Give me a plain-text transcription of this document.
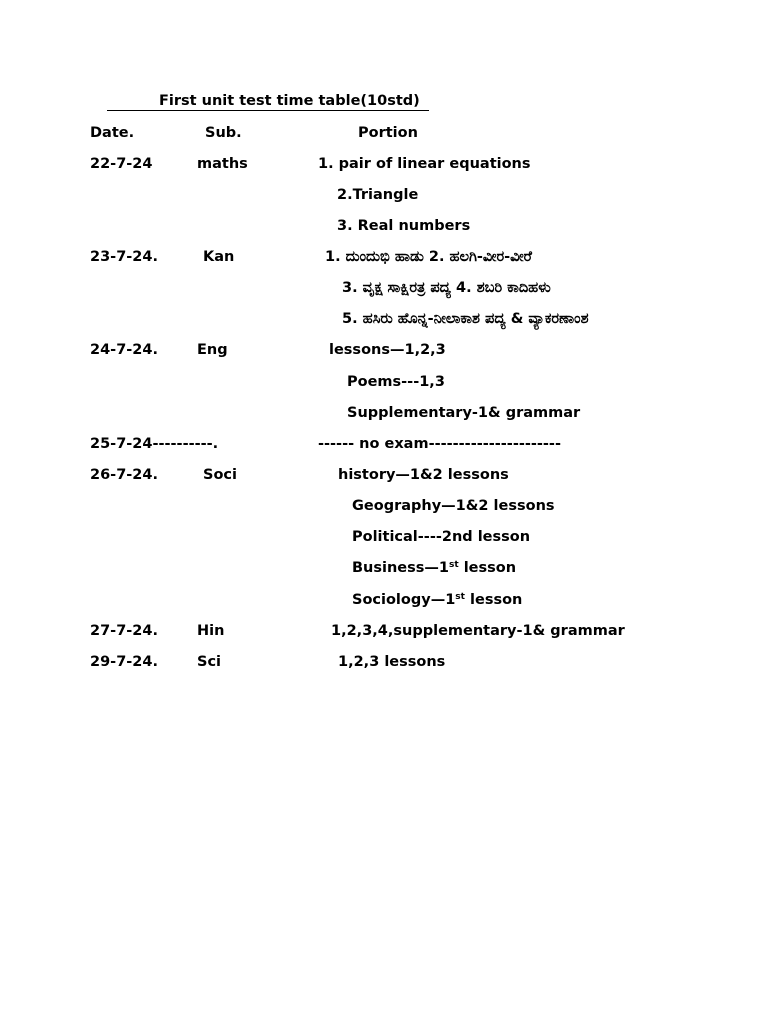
First unit test time table(10std)
Date.	Sub.	Portion
22-7-24	maths	1. pair of linear equations
2.Triangle
3. Real numbers
23-7-24.	Kan	1. ದುಂದುಭಿ ಹಾಡು 2. ಹಲಗಿ-ವೀರ-ವೀರೆ
3. ವೃಕ್ಷ ಸಾಕ್ಷಿರತ್ರ ಪದ್ಯ 4. ಶಬರಿ ಕಾದಿಹಳು
5. ಹಸಿರು ಹೊನ್ನ-ನೀಲಾಕಾಶ ಪದ್ಯ & ವ್ಯಾಕರಣಾಂಶ
24-7-24.	Eng	lessons—1,2,3
Poems---1,3
Supplementary-1& grammar
25-7-24----------.	------ no exam----------------------
26-7-24.	Soci	history—1&2 lessons
Geography—1&2 lessons
Political----2nd lesson
Business—1st lesson
Sociology—1st lesson
27-7-24.	Hin	1,2,3,4,supplementary-1& grammar
29-7-24.	Sci	1,2,3 lessons
